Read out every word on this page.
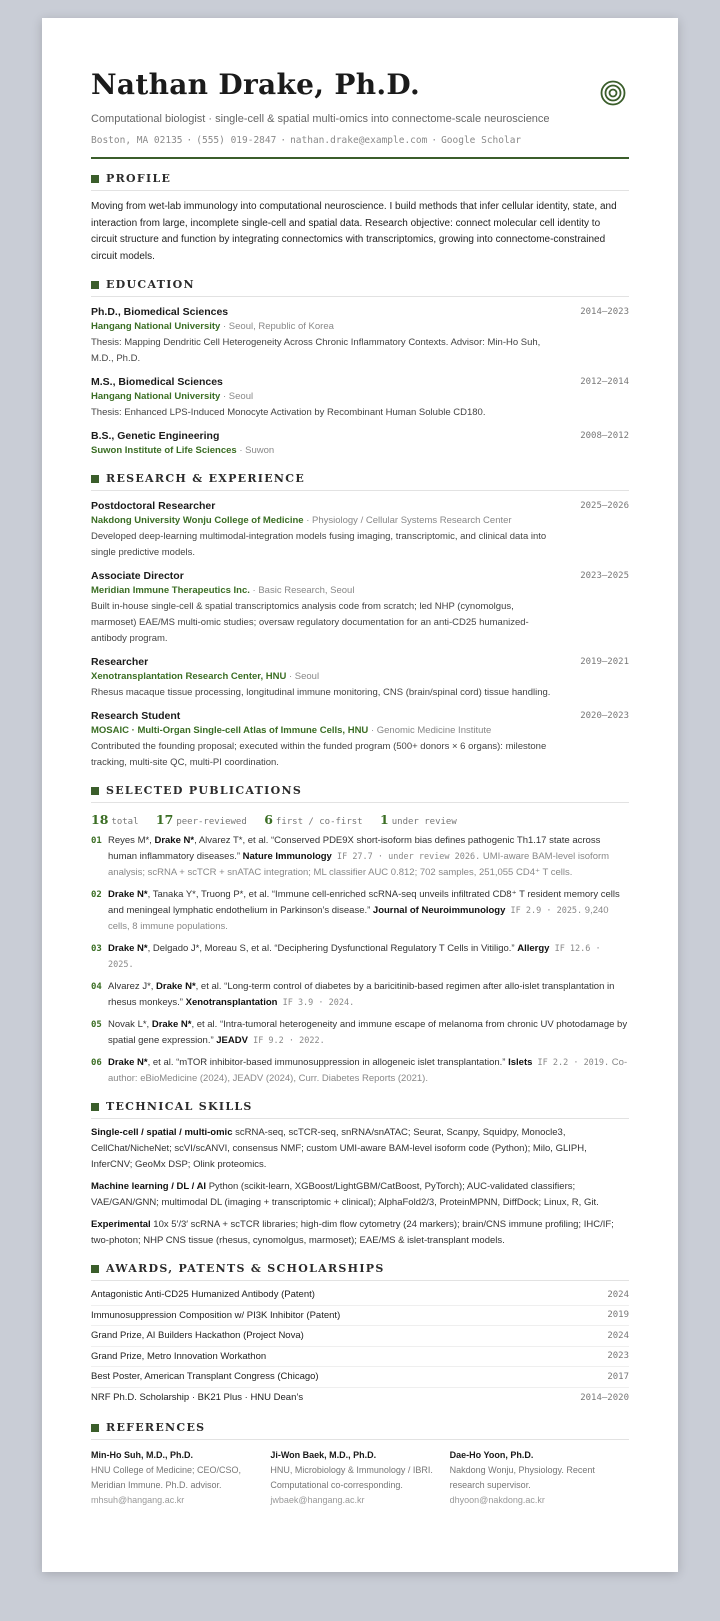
Nathan Drake, Ph.D.
Computational biologist · single-cell & spatial multi-omics into connectome-scale neuroscience
Boston, MA 02135 · (555) 019-2847 · nathan.drake@example.com · Google Scholar
PROFILE
Moving from wet-lab immunology into computational neuroscience. I build methods that infer cellular identity, state, and interaction from large, incomplete single-cell and spatial data. Research objective: connect molecular cell identity to circuit structure and function by integrating connectomics with transcriptomics, growing into connectome-constrained circuit models.
EDUCATION
2014–2023
Ph.D., Biomedical Sciences
Hangang National University · Seoul, Republic of Korea
Thesis: Mapping Dendritic Cell Heterogeneity Across Chronic Inflammatory Contexts. Advisor: Min-Ho Suh, M.D., Ph.D.
2012–2014
M.S., Biomedical Sciences
Hangang National University · Seoul
Thesis: Enhanced LPS-Induced Monocyte Activation by Recombinant Human Soluble CD180.
2008–2012
B.S., Genetic Engineering
Suwon Institute of Life Sciences · Suwon
RESEARCH & EXPERIENCE
2025–2026
Postdoctoral Researcher
Nakdong University Wonju College of Medicine · Physiology / Cellular Systems Research Center
Developed deep-learning multimodal-integration models fusing imaging, transcriptomic, and clinical data into single predictive models.
2023–2025
Associate Director
Meridian Immune Therapeutics Inc. · Basic Research, Seoul
Built in-house single-cell & spatial transcriptomics analysis code from scratch; led NHP (cynomolgus, marmoset) EAE/MS multi-omic studies; oversaw regulatory documentation for an anti-CD25 humanized-antibody program.
2019–2021
Researcher
Xenotransplantation Research Center, HNU · Seoul
Rhesus macaque tissue processing, longitudinal immune monitoring, CNS (brain/spinal cord) tissue handling.
2020–2023
Research Student
MOSAIC · Multi-Organ Single-cell Atlas of Immune Cells, HNU · Genomic Medicine Institute
Contributed the founding proposal; executed within the funded program (500+ donors × 6 organs): milestone tracking, multi-site QC, multi-PI coordination.
SELECTED PUBLICATIONS
18 total 17 peer-reviewed 6 first / co-first 1 under review
01 Reyes M*, Drake N*, Alvarez T*, et al. “Conserved PDE9X short-isoform bias defines pathogenic Th1.17 state across human inflammatory diseases.” Nature Immunology IF 27.7 · under review 2026. UMI-aware BAM-level isoform analysis; scRNA + scTCR + snATAC integration; ML classifier AUC 0.812; 702 samples, 251,055 CD4⁺ T cells.
02 Drake N*, Tanaka Y*, Truong P*, et al. “Immune cell-enriched scRNA-seq unveils infiltrated CD8⁺ T resident memory cells and meningeal lymphatic endothelium in Parkinson’s disease.” Journal of Neuroimmunology IF 2.9 · 2025. 9,240 cells, 8 immune populations.
03 Drake N*, Delgado J*, Moreau S, et al. “Deciphering Dysfunctional Regulatory T Cells in Vitiligo.” Allergy IF 12.6 · 2025.
04 Alvarez J*, Drake N*, et al. “Long-term control of diabetes by a baricitinib-based regimen after allo-islet transplantation in rhesus monkeys.” Xenotransplantation IF 3.9 · 2024.
05 Novak L*, Drake N*, et al. “Intra-tumoral heterogeneity and immune escape of melanoma from chronic UV photodamage by spatial gene expression.” JEADV IF 9.2 · 2022.
06 Drake N*, et al. “mTOR inhibitor-based immunosuppression in allogeneic islet transplantation.” Islets IF 2.2 · 2019. Co-author: eBioMedicine (2024), JEADV (2024), Curr. Diabetes Reports (2021).
TECHNICAL SKILLS
Single-cell / spatial / multi-omic scRNA-seq, scTCR-seq, snRNA/snATAC; Seurat, Scanpy, Squidpy, Monocle3, CellChat/NicheNet; scVI/scANVI, consensus NMF; custom UMI-aware BAM-level isoform code (Python); Milo, GLIPH, InferCNV; GeoMx DSP; Olink proteomics.
Machine learning / DL / AI Python (scikit-learn, XGBoost/LightGBM/CatBoost, PyTorch); AUC-validated classifiers; VAE/GAN/GNN; multimodal DL (imaging + transcriptomic + clinical); AlphaFold2/3, ProteinMPNN, DiffDock; Linux, R, Git.
Experimental 10x 5′/3′ scRNA + scTCR libraries; high-dim flow cytometry (24 markers); brain/CNS immune profiling; IHC/IF; two-photon; NHP CNS tissue (rhesus, cynomolgus, marmoset); EAE/MS & islet-transplant models.
AWARDS, PATENTS & SCHOLARSHIPS
Antagonistic Anti-CD25 Humanized Antibody (Patent)	2024
Immunosuppression Composition w/ PI3K Inhibitor (Patent)	2019
Grand Prize, AI Builders Hackathon (Project Nova)	2024
Grand Prize, Metro Innovation Workathon	2023
Best Poster, American Transplant Congress (Chicago)	2017
NRF Ph.D. Scholarship · BK21 Plus · HNU Dean’s	2014–2020
REFERENCES
Min-Ho Suh, M.D., Ph.D.
HNU College of Medicine; CEO/CSO, Meridian Immune. Ph.D. advisor.
mhsuh@hangang.ac.kr
Ji-Won Baek, M.D., Ph.D.
HNU, Microbiology & Immunology / IBRI. Computational co-corresponding.
jwbaek@hangang.ac.kr
Dae-Ho Yoon, Ph.D.
Nakdong Wonju, Physiology. Recent research supervisor.
dhyoon@nakdong.ac.kr
